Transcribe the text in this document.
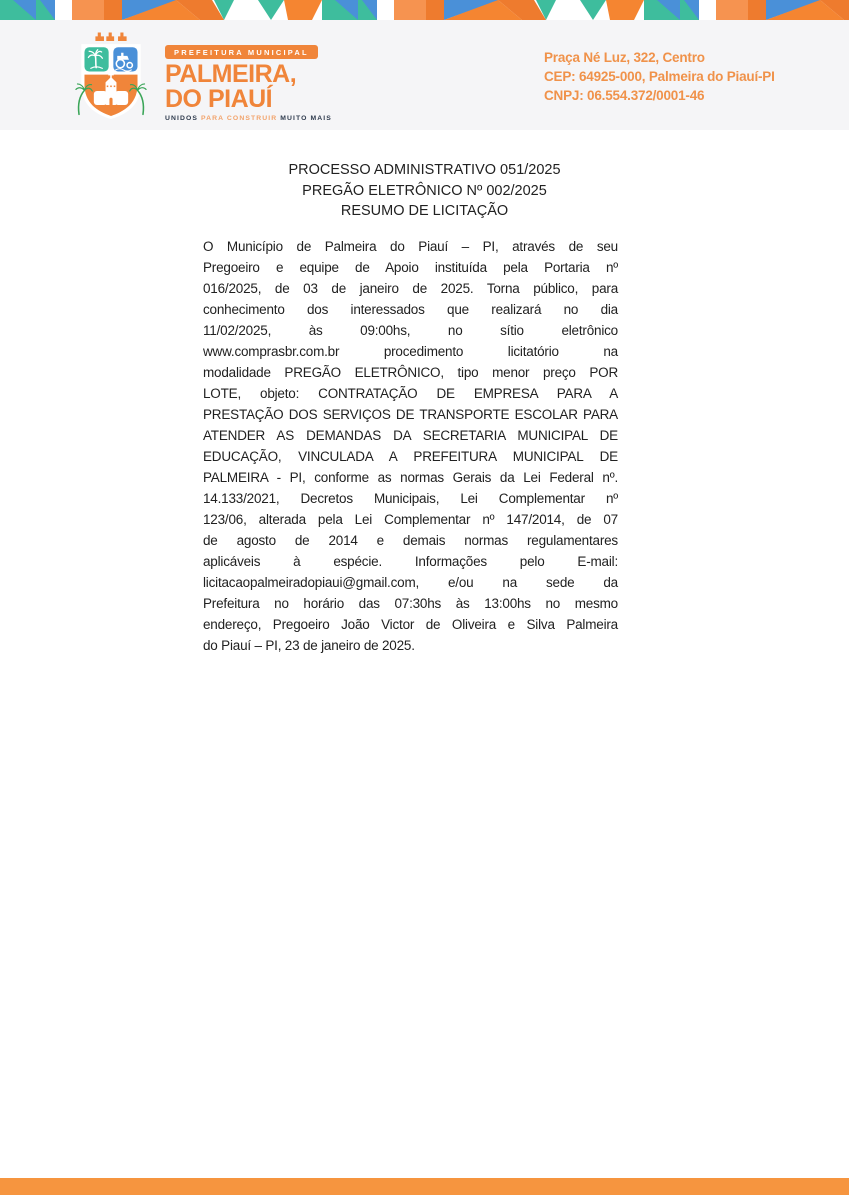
PREFEITURA MUNICIPAL
PALMEIRA,
DO PIAUÍ
UNIDOS PARA CONSTRUIR MUITO MAIS
Praça Né Luz, 322, Centro
CEP: 64925-000, Palmeira do Piauí-PI
CNPJ: 06.554.372/0001-46
PROCESSO ADMINISTRATIVO 051/2025
PREGÃO ELETRÔNICO Nº 002/2025
RESUMO DE LICITAÇÃO
O Município de Palmeira do Piauí – PI, através de seu
Pregoeiro e equipe de Apoio instituída pela Portaria nº
016/2025, de 03 de janeiro de 2025. Torna público, para
conhecimento dos interessados que realizará no dia
11/02/2025, às 09:00hs, no sítio eletrônico
www.comprasbr.com.br procedimento licitatório na
modalidade PREGÃO ELETRÔNICO, tipo menor preço POR
LOTE, objeto: CONTRATAÇÃO DE EMPRESA PARA A
PRESTAÇÃO DOS SERVIÇOS DE TRANSPORTE ESCOLAR PARA
ATENDER AS DEMANDAS DA SECRETARIA MUNICIPAL DE
EDUCAÇÃO, VINCULADA A PREFEITURA MUNICIPAL DE
PALMEIRA - PI, conforme as normas Gerais da Lei Federal nº.
14.133/2021, Decretos Municipais, Lei Complementar nº
123/06, alterada pela Lei Complementar nº 147/2014, de 07
de agosto de 2014 e demais normas regulamentares
aplicáveis à espécie. Informações pelo E-mail:
licitacaopalmeiradopiaui@gmail.com, e/ou na sede da
Prefeitura no horário das 07:30hs às 13:00hs no mesmo
endereço, Pregoeiro João Victor de Oliveira e Silva Palmeira
do Piauí – PI, 23 de janeiro de 2025.
